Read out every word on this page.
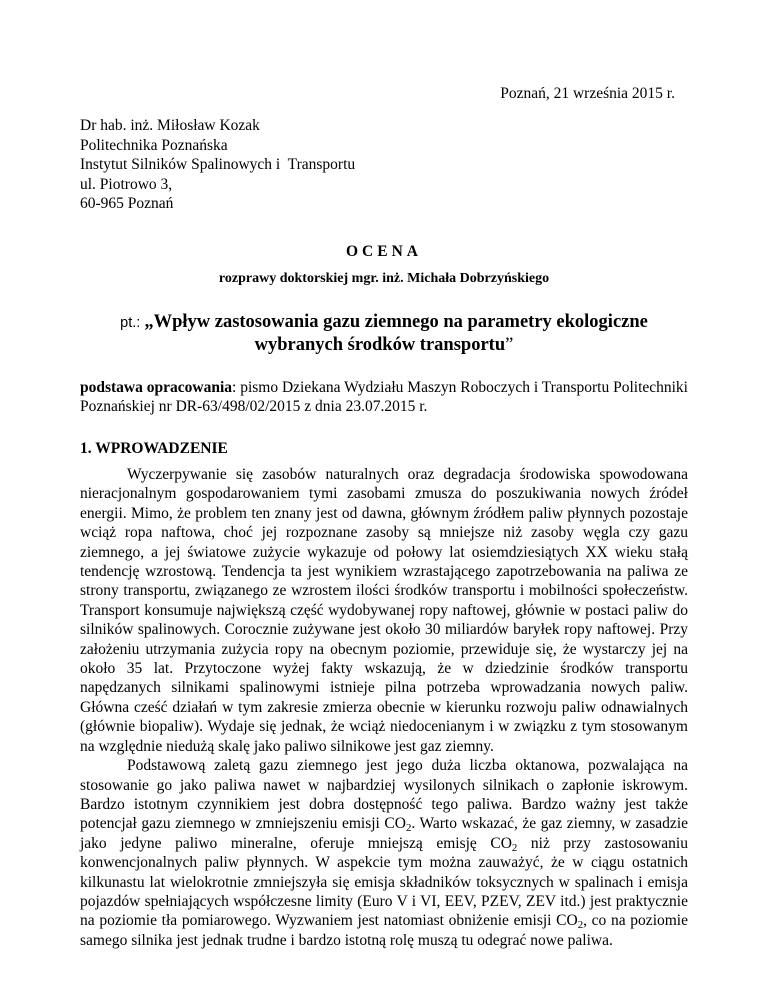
Poznań, 21 września 2015 r.
Dr hab. inż. Miłosław Kozak
Politechnika Poznańska
Instytut Silników Spalinowych i  Transportu
ul. Piotrowo 3,
60-965 Poznań
OCENA
rozprawy doktorskiej mgr. inż. Michała Dobrzyńskiego
pt.: „Wpływ zastosowania gazu ziemnego na parametry ekologiczne wybranych środków transportu”
podstawa opracowania: pismo Dziekana Wydziału Maszyn Roboczych i Transportu Politechniki Poznańskiej nr DR-63/498/02/2015 z dnia 23.07.2015 r.
1. WPROWADZENIE

Wyczerpywanie się zasobów naturalnych oraz degradacja środowiska spowodowana nieracjonalnym gospodarowaniem tymi zasobami zmusza do poszukiwania nowych źródeł energii. Mimo, że problem ten znany jest od dawna, głównym źródłem paliw płynnych pozostaje wciąż ropa naftowa, choć jej rozpoznane zasoby są mniejsze niż zasoby węgla czy gazu ziemnego, a jej światowe zużycie wykazuje od połowy lat osiemdziesiątych XX wieku stałą tendencję wzrostową. Tendencja ta jest wynikiem wzrastającego zapotrzebowania na paliwa ze strony transportu, związanego ze wzrostem ilości środków transportu i mobilności społeczeństw. Transport konsumuje największą część wydobywanej ropy naftowej, głównie w postaci paliw do silników spalinowych. Corocznie zużywane jest około 30 miliardów baryłek ropy naftowej. Przy założeniu utrzymania zużycia ropy na obecnym poziomie, przewiduje się, że wystarczy jej na około 35 lat. Przytoczone wyżej fakty wskazują, że w dziedzinie środków transportu napędzanych silnikami spalinowymi istnieje pilna potrzeba wprowadzania nowych paliw. Główna cześć działań w tym zakresie zmierza obecnie w kierunku rozwoju paliw odnawialnych (głównie biopaliw). Wydaje się jednak, że wciąż niedocenianym i w związku z tym stosowanym na względnie niedużą skalę jako paliwo silnikowe jest gaz ziemny.

Podstawową zaletą gazu ziemnego jest jego duża liczba oktanowa, pozwalająca na stosowanie go jako paliwa nawet w najbardziej wysilonych silnikach o zapłonie iskrowym. Bardzo istotnym czynnikiem jest dobra dostępność tego paliwa. Bardzo ważny jest także potencjał gazu ziemnego w zmniejszeniu emisji $CO_2$. Warto wskazać, że gaz ziemny, w zasadzie jako jedyne paliwo mineralne, oferuje mniejszą emisję $CO_2$ niż przy zastosowaniu konwencjonalnych paliw płynnych. W aspekcie tym można zauważyć, że w ciągu ostatnich kilkunastu lat wielokrotnie zmniejszyła się emisja składników toksycznych w spalinach i emisja pojazdów spełniających współczesne limity (Euro V i VI, EEV, PZEV, ZEV itd.) jest praktycznie na poziomie tła pomiarowego. Wyzwaniem jest natomiast obniżenie emisji $CO_2$, co na poziomie samego silnika jest jednak trudne i bardzo istotną rolę muszą tu odegrać nowe paliwa.
